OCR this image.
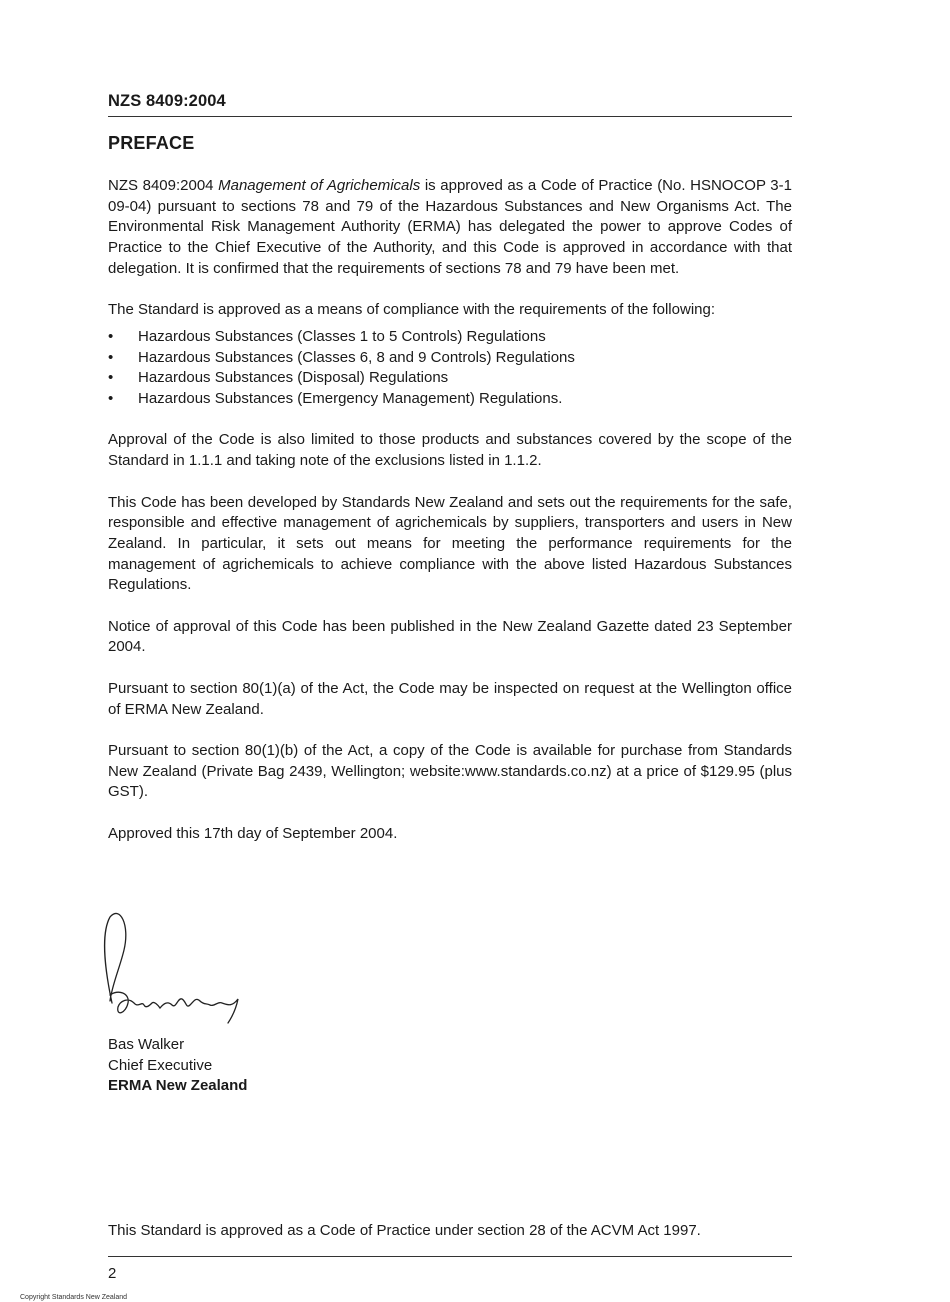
NZS 8409:2004
PREFACE

NZS 8409:2004 Management of Agrichemicals is approved as a Code of Practice (No. HSNOCOP 3-1 09-04) pursuant to sections 78 and 79 of the Hazardous Substances and New Organisms Act. The Environmental Risk Management Authority (ERMA) has delegated the power to approve Codes of Practice to the Chief Executive of the Authority, and this Code is approved in accordance with that delegation. It is confirmed that the requirements of sections 78 and 79 have been met.

The Standard is approved as a means of compliance with the requirements of the following:

• Hazardous Substances (Classes 1 to 5 Controls) Regulations
• Hazardous Substances (Classes 6, 8 and 9 Controls) Regulations
• Hazardous Substances (Disposal) Regulations
• Hazardous Substances (Emergency Management) Regulations.

Approval of the Code is also limited to those products and substances covered by the scope of the Standard in 1.1.1 and taking note of the exclusions listed in 1.1.2.

This Code has been developed by Standards New Zealand and sets out the requirements for the safe, responsible and effective management of agrichemicals by suppliers, transporters and users in New Zealand. In particular, it sets out means for meeting the performance requirements for the management of agrichemicals to achieve compliance with the above listed Hazardous Substances Regulations.

Notice of approval of this Code has been published in the New Zealand Gazette dated 23 September 2004.

Pursuant to section 80(1)(a) of the Act, the Code may be inspected on request at the Wellington office of ERMA New Zealand.

Pursuant to section 80(1)(b) of the Act, a copy of the Code is available for purchase from Standards New Zealand (Private Bag 2439, Wellington; website:www.standards.co.nz) at a price of $129.95 (plus GST).

Approved this 17th day of September 2004.

Bas Walker
Chief Executive
ERMA New Zealand
This Standard is approved as a Code of Practice under section 28 of the ACVM Act 1997.
2
Copyright Standards New Zealand
